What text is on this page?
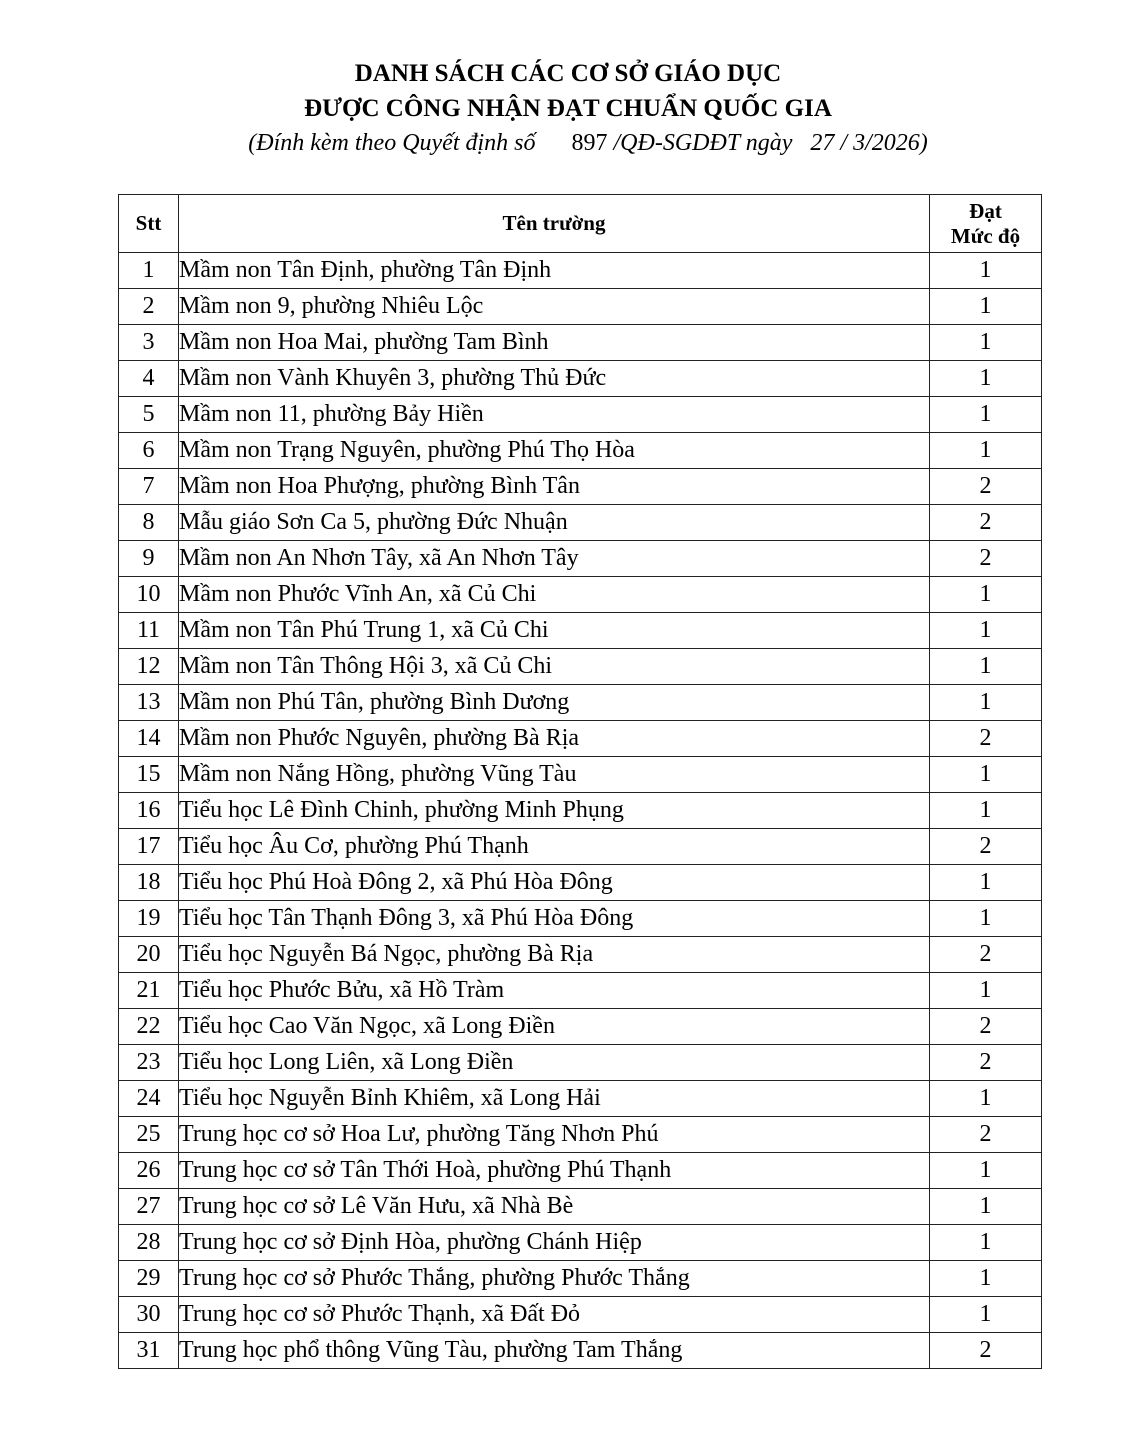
DANH SÁCH CÁC CƠ SỞ GIÁO DỤC

ĐƯỢC CÔNG NHẬN ĐẠT CHUẨN QUỐC GIA

(Đính kèm theo Quyết định số 897 /QĐ-SGDĐT ngày 27 / 3/2026)

Stt	Tên trường	Đạt
Mức độ

1	Mầm non Tân Định, phường Tân Định	1
2	Mầm non 9, phường Nhiêu Lộc	1
3	Mầm non Hoa Mai, phường Tam Bình	1
4	Mầm non Vành Khuyên 3, phường Thủ Đức	1
5	Mầm non 11, phường Bảy Hiền	1
6	Mầm non Trạng Nguyên, phường Phú Thọ Hòa	1
7	Mầm non Hoa Phượng, phường Bình Tân	2
8	Mẫu giáo Sơn Ca 5, phường Đức Nhuận	2
9	Mầm non An Nhơn Tây, xã An Nhơn Tây	2
10	Mầm non Phước Vĩnh An, xã Củ Chi	1
11	Mầm non Tân Phú Trung 1, xã Củ Chi	1
12	Mầm non Tân Thông Hội 3, xã Củ Chi	1
13	Mầm non Phú Tân, phường Bình Dương	1
14	Mầm non Phước Nguyên, phường Bà Rịa	2
15	Mầm non Nắng Hồng, phường Vũng Tàu	1
16	Tiểu học Lê Đình Chinh, phường Minh Phụng	1
17	Tiểu học Âu Cơ, phường Phú Thạnh	2
18	Tiểu học Phú Hoà Đông 2, xã Phú Hòa Đông	1
19	Tiểu học Tân Thạnh Đông 3, xã Phú Hòa Đông	1
20	Tiểu học Nguyễn Bá Ngọc, phường Bà Rịa	2
21	Tiểu học Phước Bửu, xã Hồ Tràm	1
22	Tiểu học Cao Văn Ngọc, xã Long Điền	2
23	Tiểu học Long Liên, xã Long Điền	2
24	Tiểu học Nguyễn Bỉnh Khiêm, xã Long Hải	1
25	Trung học cơ sở Hoa Lư, phường Tăng Nhơn Phú	2
26	Trung học cơ sở Tân Thới Hoà, phường Phú Thạnh	1
27	Trung học cơ sở Lê Văn Hưu, xã Nhà Bè	1
28	Trung học cơ sở Định Hòa, phường Chánh Hiệp	1
29	Trung học cơ sở Phước Thắng, phường Phước Thắng	1
30	Trung học cơ sở Phước Thạnh, xã Đất Đỏ	1
31	Trung học phổ thông Vũng Tàu, phường Tam Thắng	2
